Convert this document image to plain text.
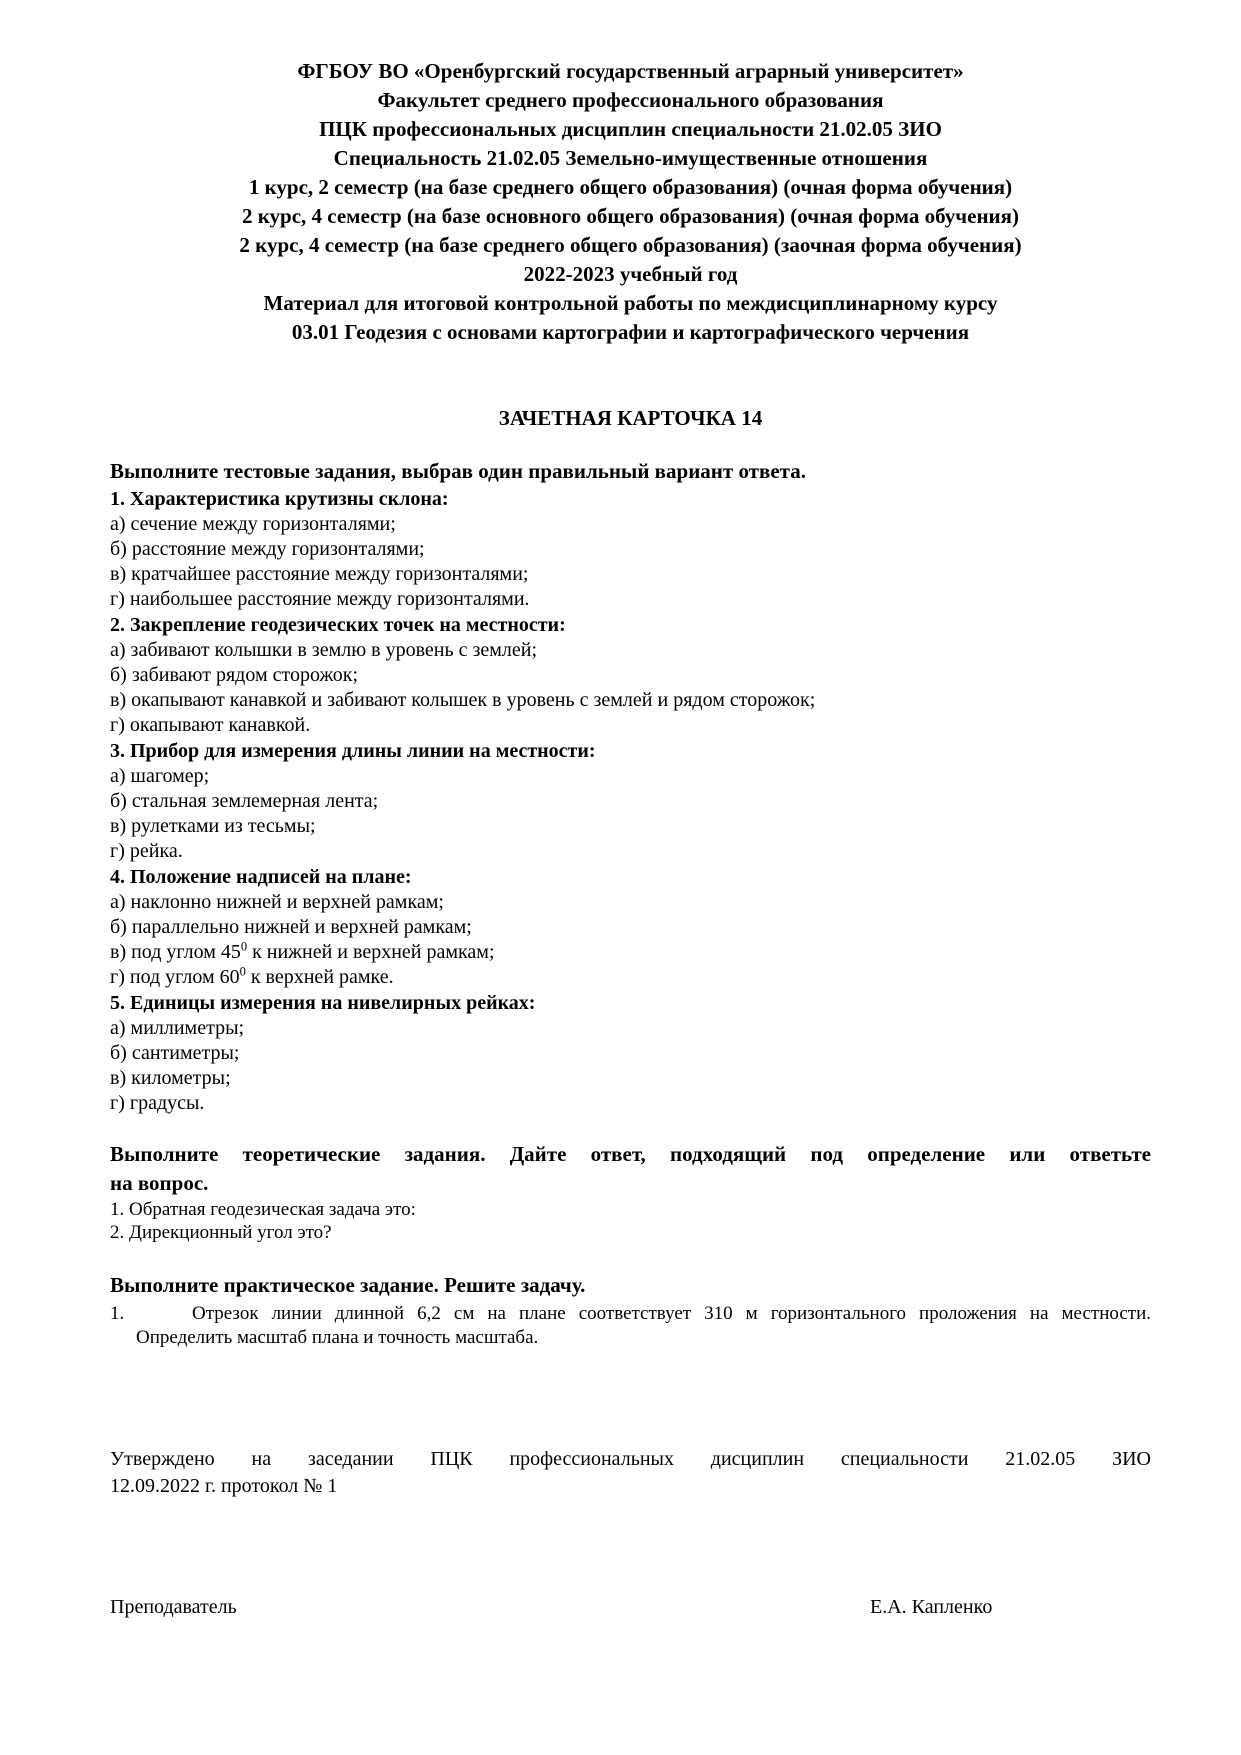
ФГБОУ ВО «Оренбургский государственный аграрный университет»
Факультет среднего профессионального образования
ПЦК профессиональных дисциплин специальности 21.02.05 ЗИО
Специальность 21.02.05 Земельно-имущественные отношения
1 курс, 2 семестр (на базе среднего общего образования) (очная форма обучения)
2 курс, 4 семестр (на базе основного общего образования) (очная форма обучения)
2 курс, 4 семестр (на базе среднего общего образования) (заочная форма обучения)
2022-2023 учебный год
Материал для итоговой контрольной работы по междисциплинарному курсу
03.01 Геодезия с основами картографии и картографического черчения
ЗАЧЕТНАЯ КАРТОЧКА 14
Выполните тестовые задания, выбрав один правильный вариант ответа.
1. Характеристика крутизны склона:
а) сечение между горизонталями;
б) расстояние между горизонталями;
в) кратчайшее расстояние между горизонталями;
г) наибольшее расстояние между горизонталями.
2. Закрепление геодезических точек на местности:
а) забивают колышки в землю в уровень с землей;
б) забивают рядом сторожок;
в) окапывают канавкой и забивают колышек в уровень с землей и рядом сторожок;
г) окапывают канавкой.
3. Прибор для измерения длины линии на местности:
а) шагомер;
б) стальная землемерная лента;
в) рулетками из тесьмы;
г) рейка.
4. Положение надписей на плане:
а) наклонно нижней и верхней рамкам;
б) параллельно нижней и верхней рамкам;
в) под углом $45^0$ к нижней и верхней рамкам;
г) под углом $60^0$ к верхней рамке.
5. Единицы измерения на нивелирных рейках:
а) миллиметры;
б) сантиметры;
в) километры;
г) градусы.
Выполните теоретические задания. Дайте ответ, подходящий под определение или ответьте
на вопрос.
1. Обратная геодезическая задача это:
2. Дирекционный угол это?
Выполните практическое задание. Решите задачу.
1.	Отрезок линии длинной 6,2 см на плане соответствует 310 м горизонтального проложения на местности.
Определить масштаб плана и точность масштаба.
Утверждено на заседании ПЦК профессиональных дисциплин специальности 21.02.05 ЗИО
12.09.2022 г. протокол № 1
Преподаватель	Е.А. Капленко
